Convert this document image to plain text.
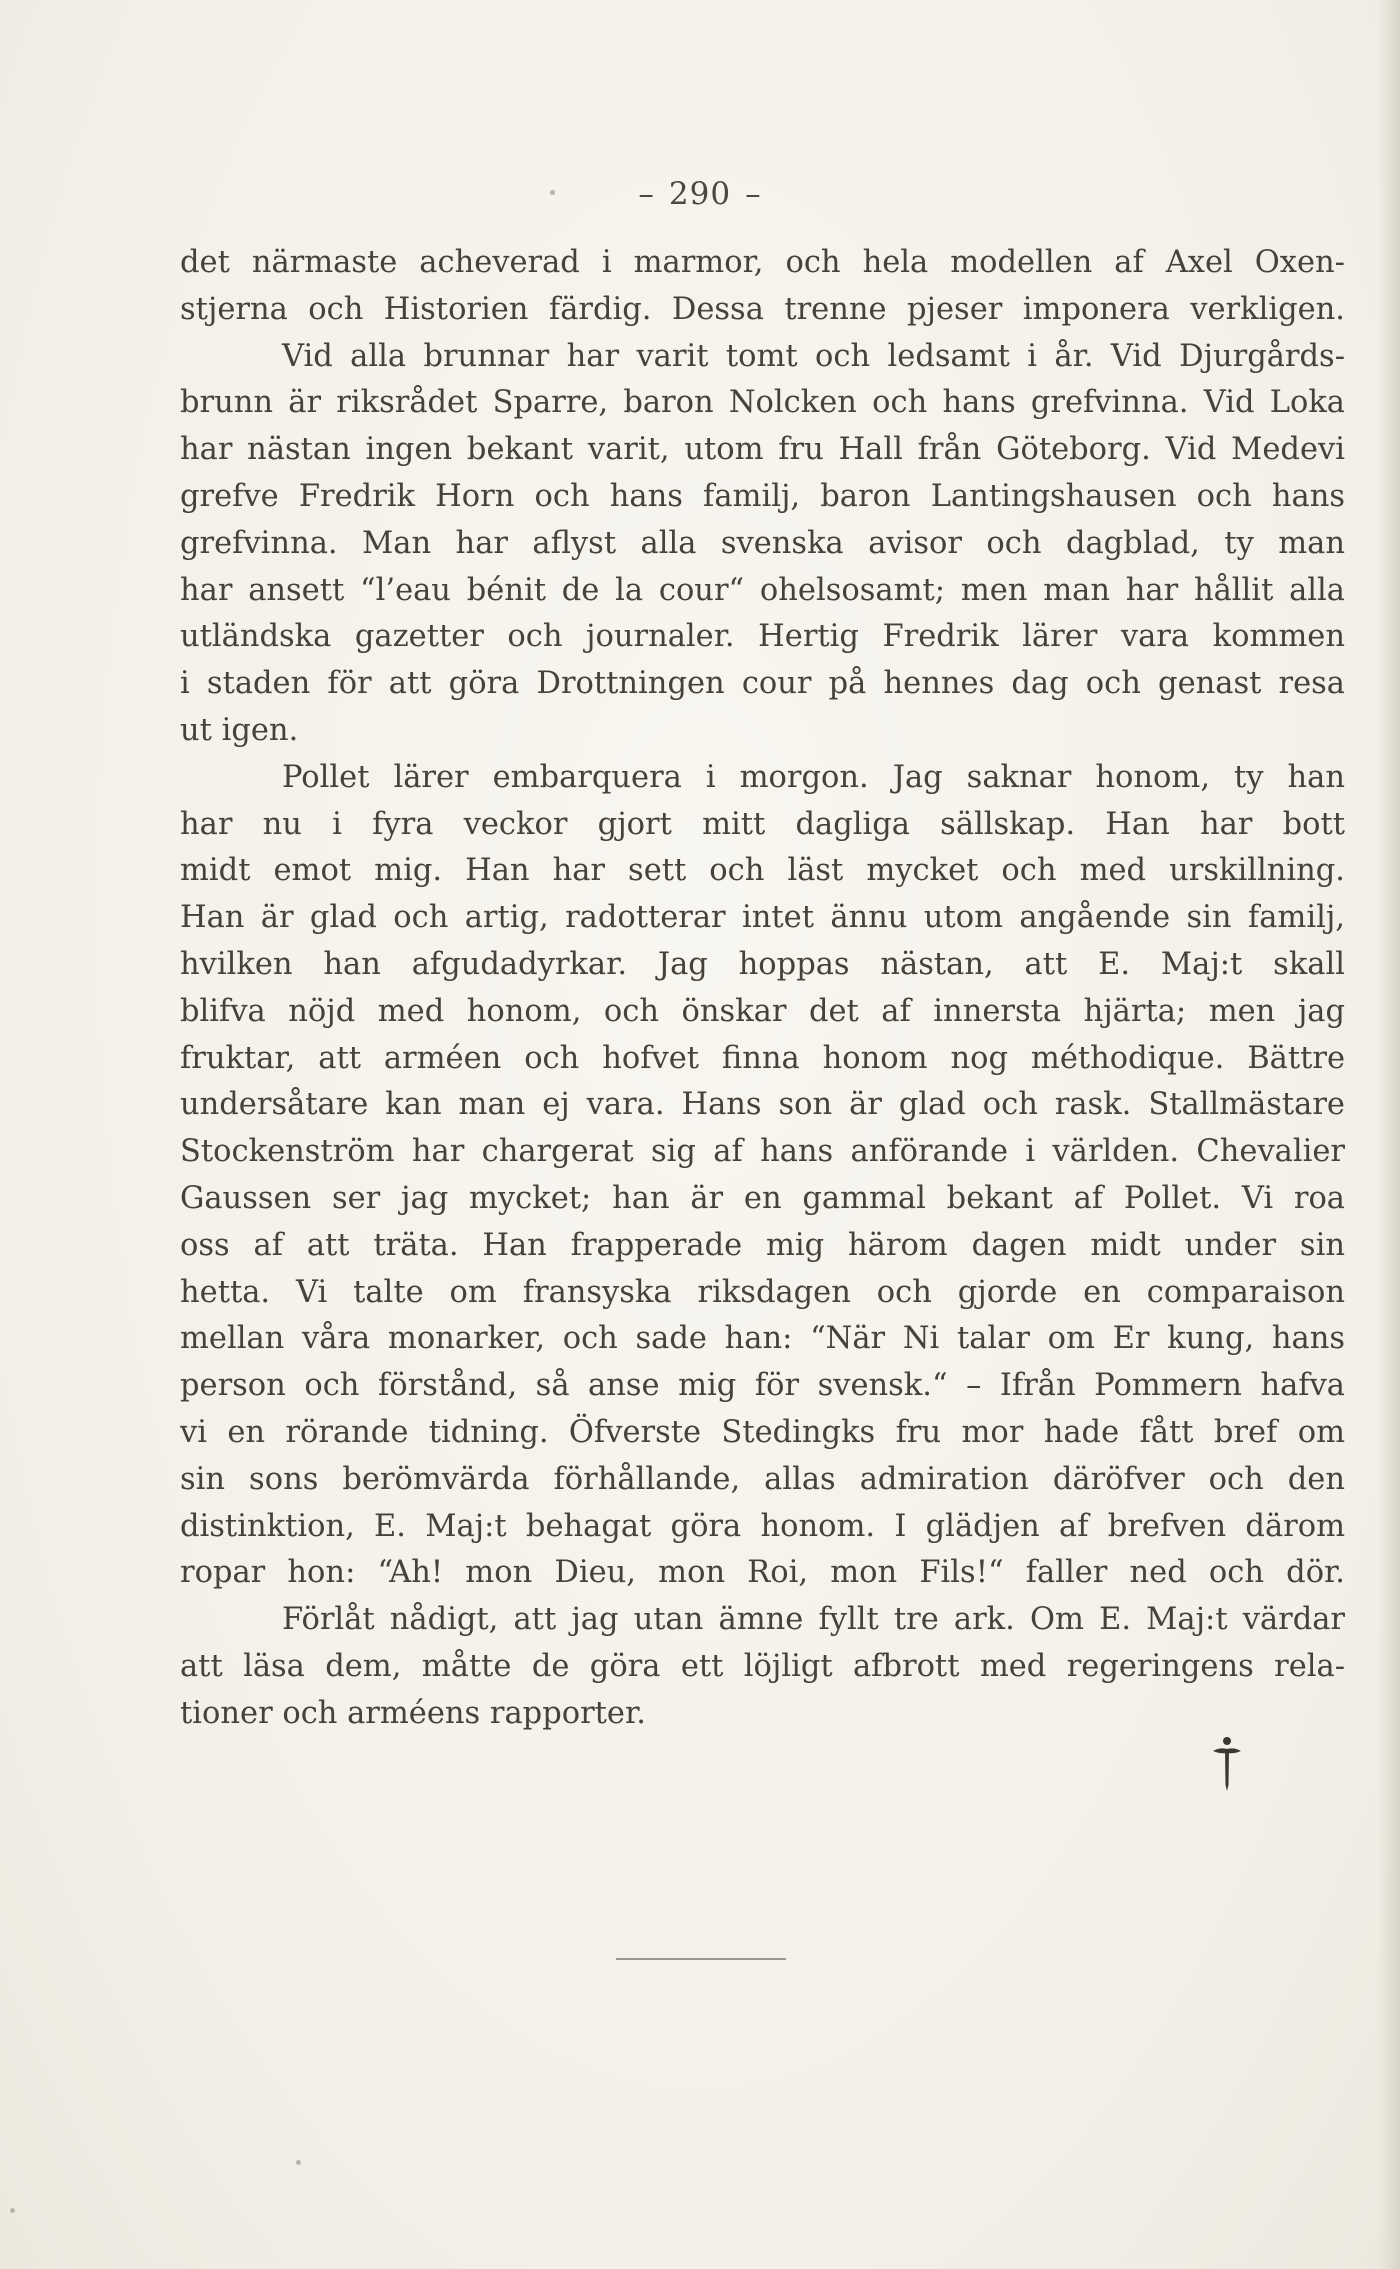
– 290 –
det närmaste acheverad i marmor, och hela modellen af Axel Oxen-
stjerna och Historien färdig. Dessa trenne pjeser imponera verkligen.
Vid alla brunnar har varit tomt och ledsamt i år. Vid Djurgårds-
brunn är riksrådet Sparre, baron Nolcken och hans grefvinna. Vid Loka
har nästan ingen bekant varit, utom fru Hall från Göteborg. Vid Medevi
grefve Fredrik Horn och hans familj, baron Lantingshausen och hans
grefvinna. Man har aflyst alla svenska avisor och dagblad, ty man
har ansett “l’eau bénit de la cour“ ohelsosamt; men man har hållit alla
utländska gazetter och journaler. Hertig Fredrik lärer vara kommen
i staden för att göra Drottningen cour på hennes dag och genast resa
ut igen.
Pollet lärer embarquera i morgon. Jag saknar honom, ty han
har nu i fyra veckor gjort mitt dagliga sällskap. Han har bott
midt emot mig. Han har sett och läst mycket och med urskillning.
Han är glad och artig, radotterar intet ännu utom angående sin familj,
hvilken han afgudadyrkar. Jag hoppas nästan, att E. Maj:t skall
blifva nöjd med honom, och önskar det af innersta hjärta; men jag
fruktar, att arméen och hofvet finna honom nog méthodique. Bättre
undersåtare kan man ej vara. Hans son är glad och rask. Stallmästare
Stockenström har chargerat sig af hans anförande i världen. Chevalier
Gaussen ser jag mycket; han är en gammal bekant af Pollet. Vi roa
oss af att träta. Han frapperade mig härom dagen midt under sin
hetta. Vi talte om fransyska riksdagen och gjorde en comparaison
mellan våra monarker, och sade han: “När Ni talar om Er kung, hans
person och förstånd, så anse mig för svensk.“ – Ifrån Pommern hafva
vi en rörande tidning. Öfverste Stedingks fru mor hade fått bref om
sin sons berömvärda förhållande, allas admiration däröfver och den
distinktion, E. Maj:t behagat göra honom. I glädjen af brefven därom
ropar hon: “Ah! mon Dieu, mon Roi, mon Fils!“ faller ned och dör.
Förlåt nådigt, att jag utan ämne fyllt tre ark. Om E. Maj:t värdar
att läsa dem, måtte de göra ett löjligt afbrott med regeringens rela-
tioner och arméens rapporter.
